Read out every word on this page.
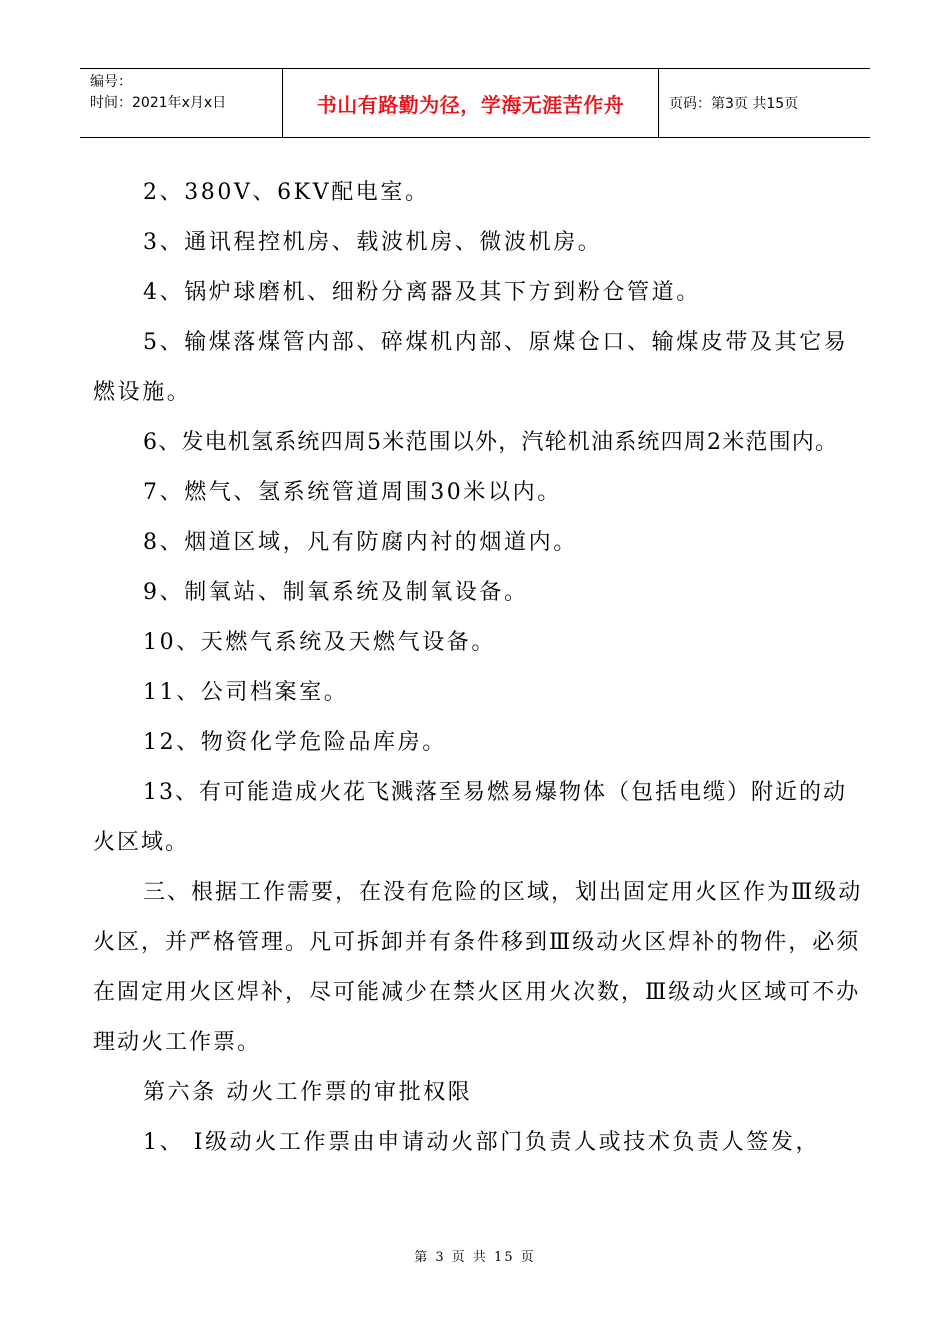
编号：
时间：2021年x月x日	书山有路勤为径，学海无涯苦作舟	页码：第3页 共15页

2、380V、6KV配电室。

3、通讯程控机房、载波机房、微波机房。

4、锅炉球磨机、细粉分离器及其下方到粉仓管道。

5、输煤落煤管内部、碎煤机内部、原煤仓口、输煤皮带及其它易燃设施。

6、发电机氢系统四周5米范围以外，汽轮机油系统四周2米范围内。

7、燃气、氢系统管道周围30米以内。

8、烟道区域，凡有防腐内衬的烟道内。

9、制氧站、制氧系统及制氧设备。

10、天燃气系统及天燃气设备。

11、公司档案室。

12、物资化学危险品库房。

13、有可能造成火花飞溅落至易燃易爆物体（包括电缆）附近的动火区域。

三、根据工作需要，在没有危险的区域，划出固定用火区作为Ⅲ级动火区，并严格管理。凡可拆卸并有条件移到Ⅲ级动火区焊补的物件，必须在固定用火区焊补，尽可能减少在禁火区用火次数，Ⅲ级动火区域可不办理动火工作票。

第六条 动火工作票的审批权限

1、 Ⅰ级动火工作票由申请动火部门负责人或技术负责人签发，

第 3 页 共 15 页
